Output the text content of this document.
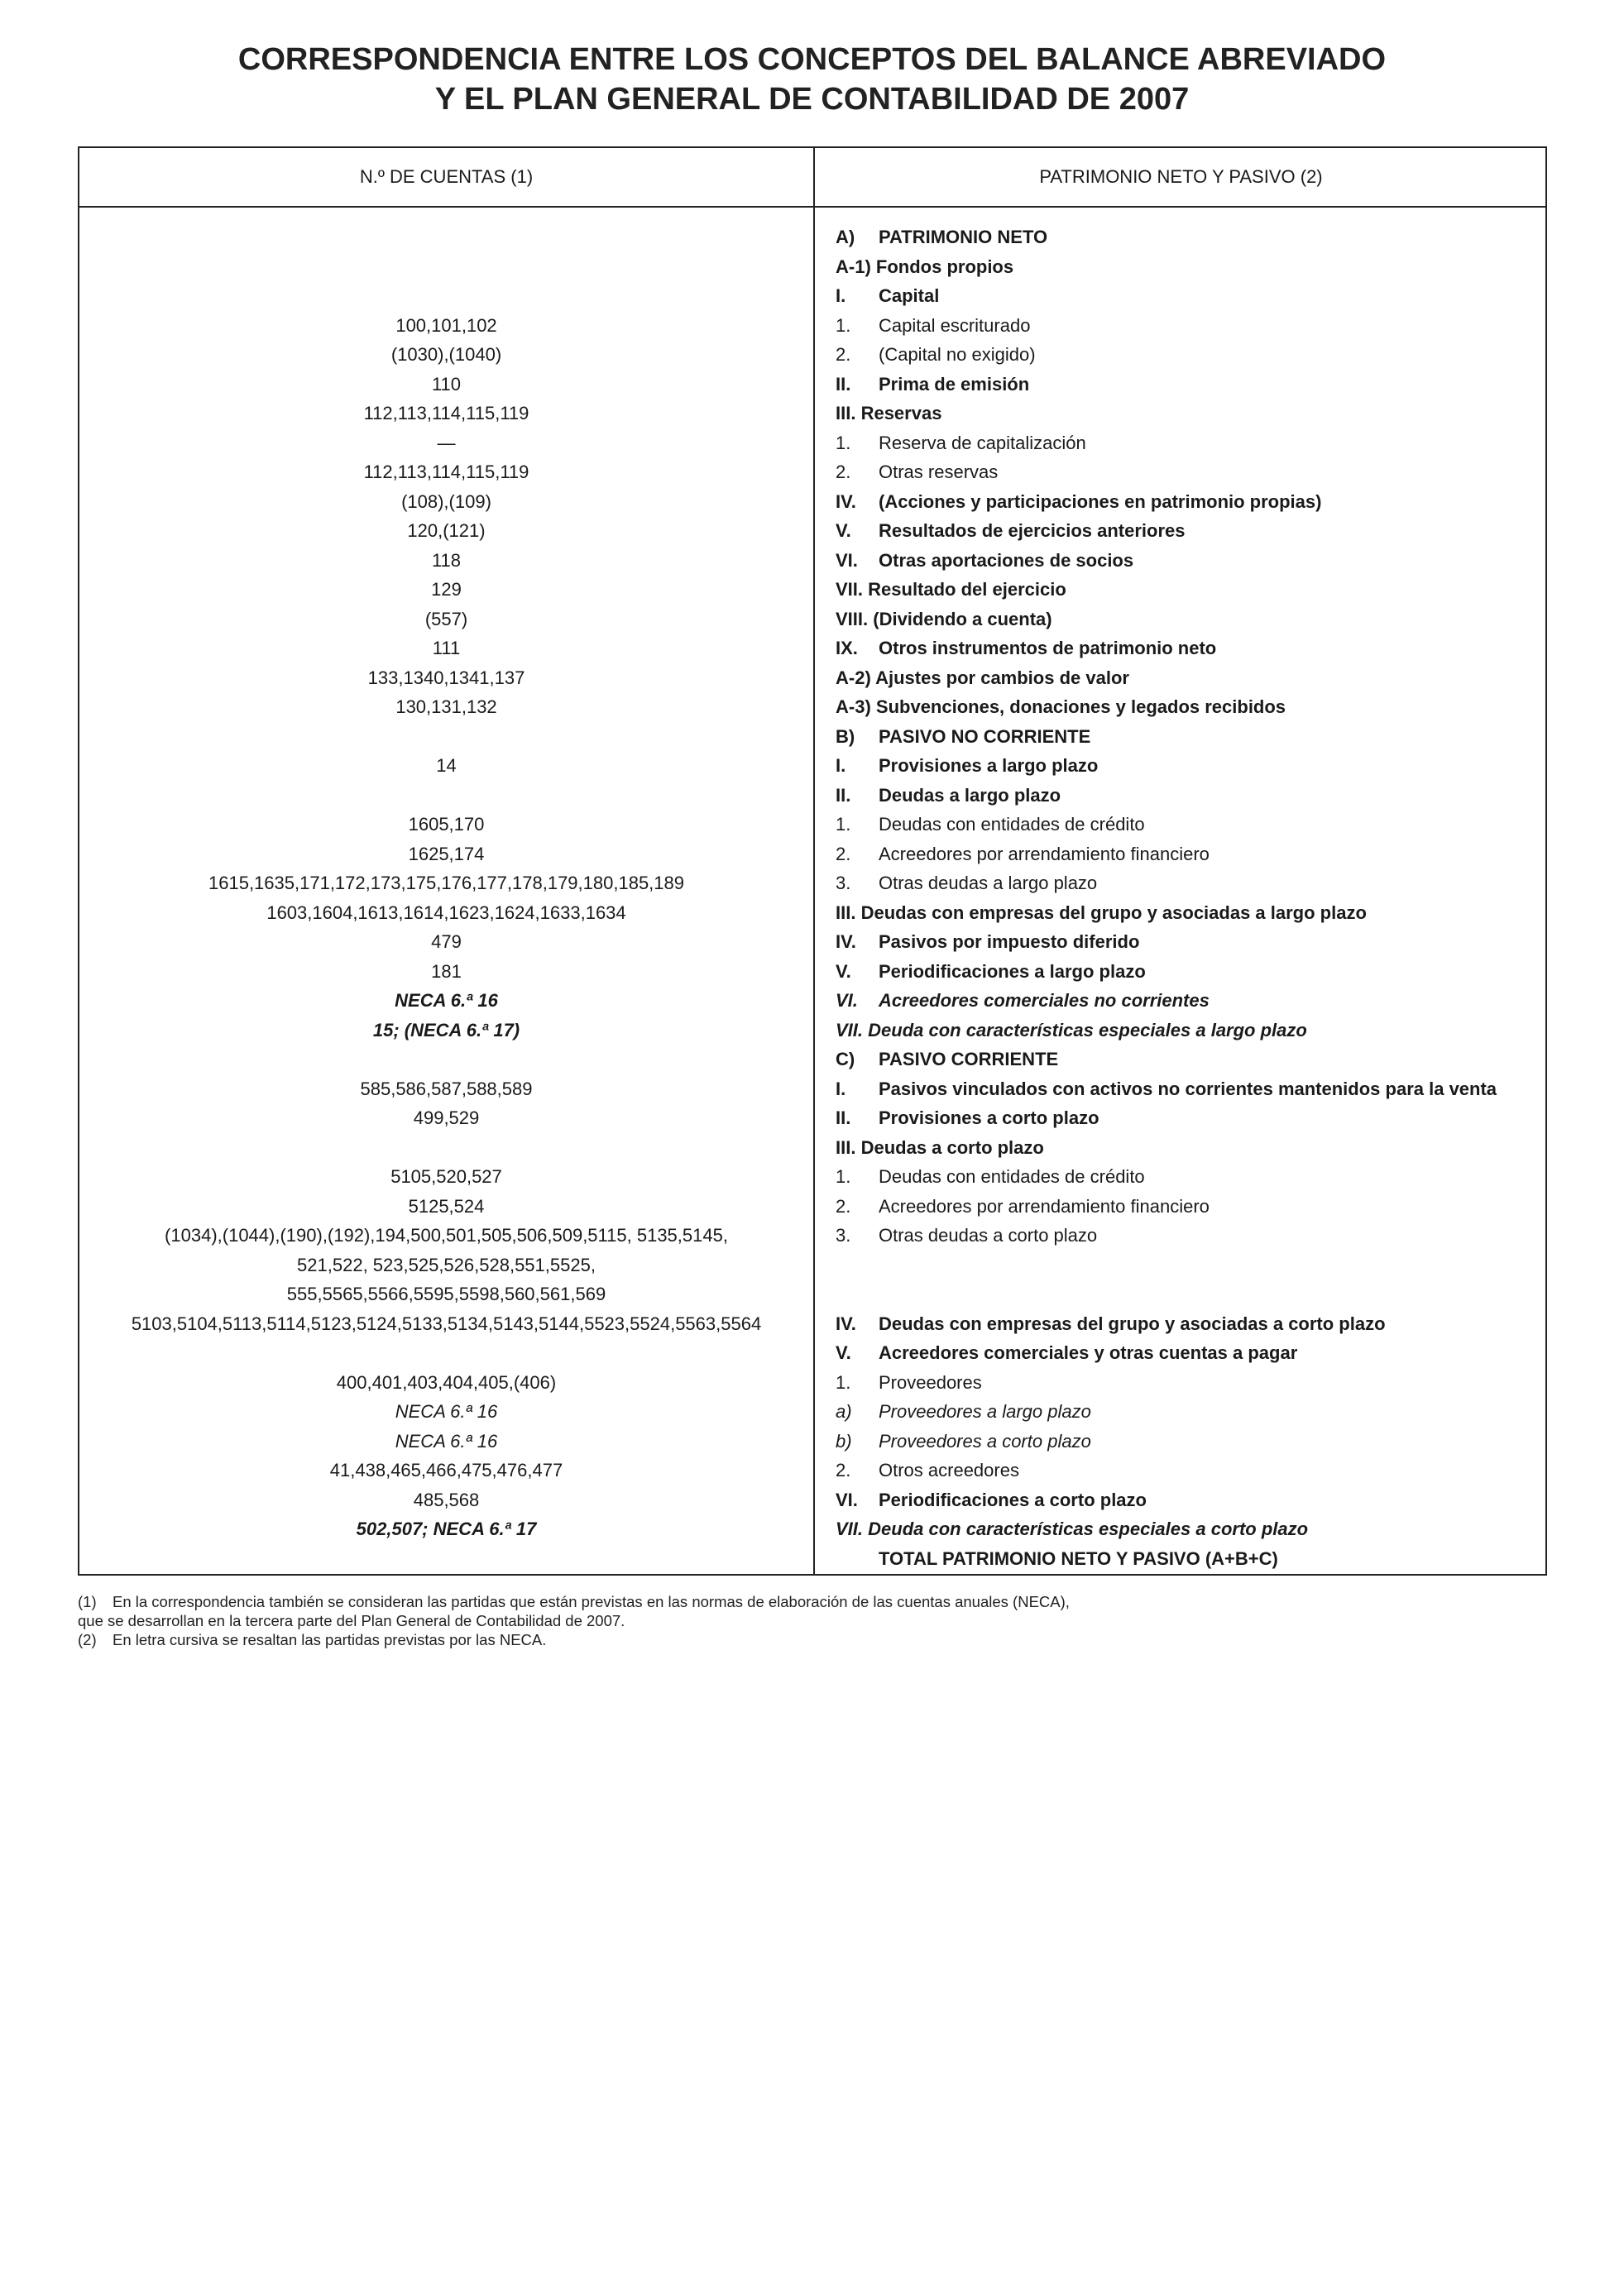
CORRESPONDENCIA ENTRE LOS CONCEPTOS DEL BALANCE ABREVIADO
Y EL PLAN GENERAL DE CONTABILIDAD DE 2007
N.º DE CUENTAS (1)	PATRIMONIO NETO Y PASIVO (2)
A) PATRIMONIO NETO
A-1) Fondos propios
I. Capital
100,101,102	1. Capital escriturado
(1030),(1040)	2. (Capital no exigido)
110	II. Prima de emisión
112,113,114,115,119	III. Reservas
—	1. Reserva de capitalización
112,113,114,115,119	2. Otras reservas
(108),(109)	IV. (Acciones y participaciones en patrimonio propias)
120,(121)	V. Resultados de ejercicios anteriores
118	VI. Otras aportaciones de socios
129	VII. Resultado del ejercicio
(557)	VIII. (Dividendo a cuenta)
111	IX. Otros instrumentos de patrimonio neto
133,1340,1341,137	A-2) Ajustes por cambios de valor
130,131,132	A-3) Subvenciones, donaciones y legados recibidos
B) PASIVO NO CORRIENTE
14	I. Provisiones a largo plazo
II. Deudas a largo plazo
1605,170	1. Deudas con entidades de crédito
1625,174	2. Acreedores por arrendamiento financiero
1615,1635,171,172,173,175,176,177,178,179,180,185,189	3. Otras deudas a largo plazo
1603,1604,1613,1614,1623,1624,1633,1634	III. Deudas con empresas del grupo y asociadas a largo plazo
479	IV. Pasivos por impuesto diferido
181	V. Periodificaciones a largo plazo
NECA 6.ª 16	VI. Acreedores comerciales no corrientes
15; (NECA 6.ª 17)	VII. Deuda con características especiales a largo plazo
C) PASIVO CORRIENTE
585,586,587,588,589	I. Pasivos vinculados con activos no corrientes mantenidos para la venta
499,529	II. Provisiones a corto plazo
III. Deudas a corto plazo
5105,520,527	1. Deudas con entidades de crédito
5125,524	2. Acreedores por arrendamiento financiero
(1034),(1044),(190),(192),194,500,501,505,506,509,5115, 5135,5145,	3. Otras deudas a corto plazo
521,522, 523,525,526,528,551,5525,
555,5565,5566,5595,5598,560,561,569
5103,5104,5113,5114,5123,5124,5133,5134,5143,5144,5523,5524,5563,5564	IV. Deudas con empresas del grupo y asociadas a corto plazo
V. Acreedores comerciales y otras cuentas a pagar
400,401,403,404,405,(406)	1. Proveedores
NECA 6.ª 16	a) Proveedores a largo plazo
NECA 6.ª 16	b) Proveedores a corto plazo
41,438,465,466,475,476,477	2. Otros acreedores
485,568	VI. Periodificaciones a corto plazo
502,507; NECA 6.ª 17	VII. Deuda con características especiales a corto plazo
TOTAL PATRIMONIO NETO Y PASIVO (A+B+C)
(1) En la correspondencia también se consideran las partidas que están previstas en las normas de elaboración de las cuentas anuales (NECA),
que se desarrollan en la tercera parte del Plan General de Contabilidad de 2007.
(2) En letra cursiva se resaltan las partidas previstas por las NECA.
